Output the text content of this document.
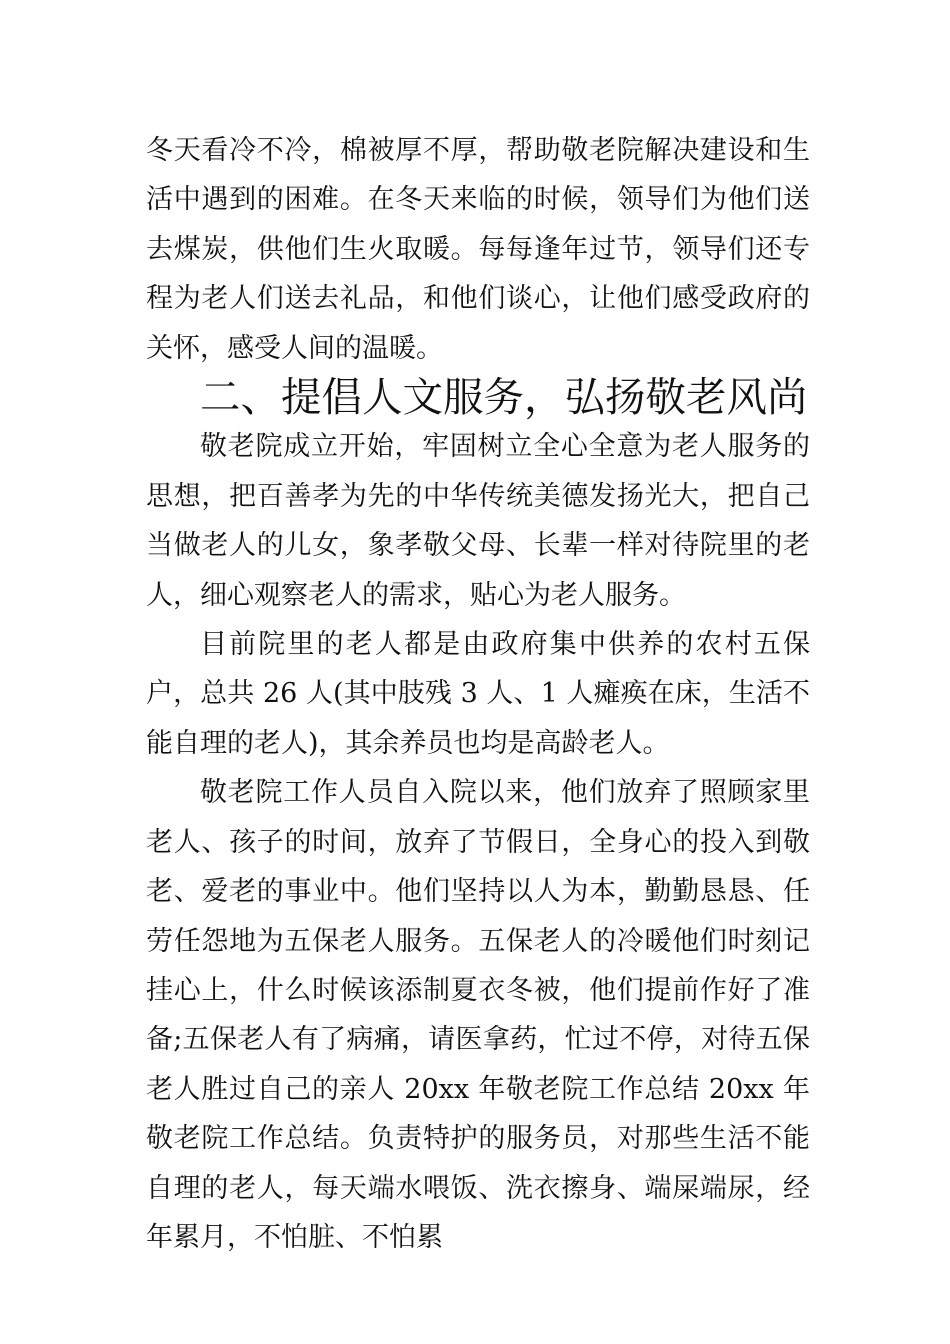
冬天看冷不冷，棉被厚不厚，帮助敬老院解决建设和生活中遇到的困难。在冬天来临的时候，领导们为他们送去煤炭，供他们生火取暖。每每逢年过节，领导们还专程为老人们送去礼品，和他们谈心，让他们感受政府的关怀，感受人间的温暖。

二、提倡人文服务，弘扬敬老风尚

敬老院成立开始，牢固树立全心全意为老人服务的思想，把百善孝为先的中华传统美德发扬光大，把自己当做老人的儿女，象孝敬父母、长辈一样对待院里的老人，细心观察老人的需求，贴心为老人服务。

目前院里的老人都是由政府集中供养的农村五保户，总共 26 人(其中肢残 3 人、1 人瘫痪在床，生活不能自理的老人)，其余养员也均是高龄老人。

敬老院工作人员自入院以来，他们放弃了照顾家里老人、孩子的时间，放弃了节假日，全身心的投入到敬老、爱老的事业中。他们坚持以人为本，勤勤恳恳、任劳任怨地为五保老人服务。五保老人的冷暖他们时刻记挂心上，什么时候该添制夏衣冬被，他们提前作好了准备;五保老人有了病痛，请医拿药，忙过不停，对待五保老人胜过自己的亲人 20xx 年敬老院工作总结 20xx 年敬老院工作总结。负责特护的服务员，对那些生活不能自理的老人，每天端水喂饭、洗衣擦身、端屎端尿，经年累月，不怕脏、不怕累
